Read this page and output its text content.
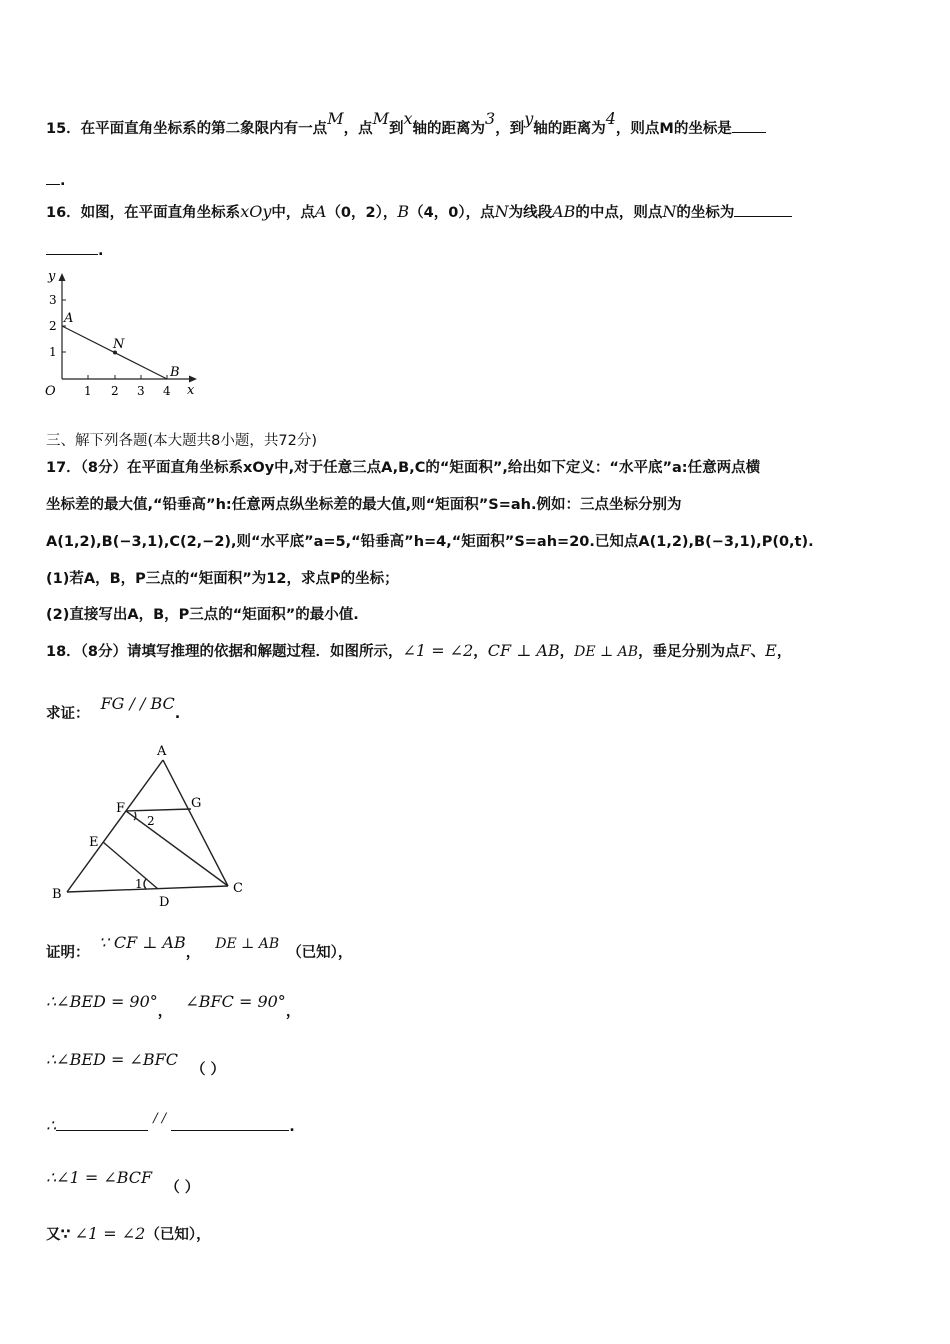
15．在平面直角坐标系的第二象限内有一点M，点M到x轴的距离为3，到y轴的距离为4，则点M的坐标是
.
16．如图，在平面直角坐标系xOy中，点A（0，2），B（4，0），点N为线段AB的中点，则点N的坐标为
.
y
x
O
3
2
1
1 2 3 4
A
N
B
三、解下列各题(本大题共8小题，共72分)
17．（8分）在平面直角坐标系xOy中,对于任意三点A,B,C的“矩面积”,给出如下定义：“水平底”a:任意两点横
坐标差的最大值,“铅垂高”h:任意两点纵坐标差的最大值,则“矩面积”S=ah.例如：三点坐标分别为
A(1,2),B(−3,1),C(2,−2),则“水平底”a=5,“铅垂高”h=4,“矩面积”S=ah=20.已知点A(1,2),B(−3,1),P(0,t).
(1)若A，B，P三点的“矩面积”为12，求点P的坐标；
(2)直接写出A，B，P三点的“矩面积”的最小值.
18．（8分）请填写推理的依据和解题过程．如图所示，∠1 = ∠2，CF ⊥ AB，DE ⊥ AB，垂足分别为点F、E，
求证： FG / / BC.
A
B	C
D
E
F	G
1
2
证明： ∵ CF ⊥ AB， DE ⊥ AB（已知），
∴∠BED = 90°， ∠BFC = 90°，
∴∠BED = ∠BFC （ ）
∴	/ / .
∴∠1 = ∠BCF （ ）
又∵ ∠1 = ∠2（已知），
